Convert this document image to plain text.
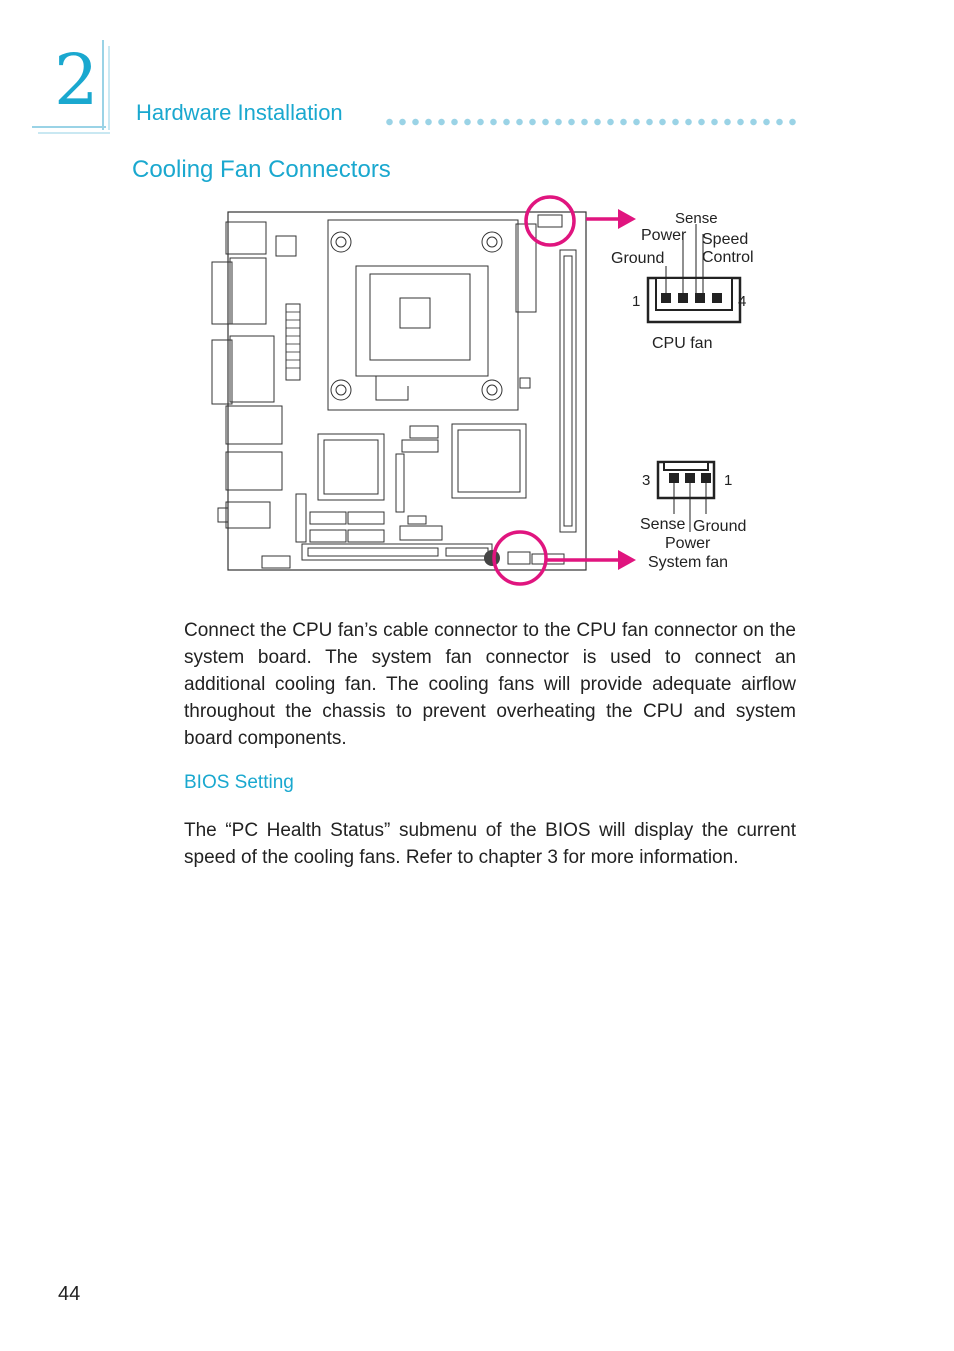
2 Hardware Installation
Cooling Fan Connectors
Ground
Power
Sense
Speed
Control
1	4
CPU fan
3	1
Sense
Power
Ground
System fan
Connect the CPU fan’s cable connector to the CPU fan connector on the system board. The system fan connector is used to connect an additional cooling fan. The cooling fans will provide adequate airflow throughout the chassis to prevent overheating the CPU and system board components.
BIOS Setting
The “PC Health Status” submenu of the BIOS will display the current speed of the cooling fans. Refer to chapter 3 for more information.
44
